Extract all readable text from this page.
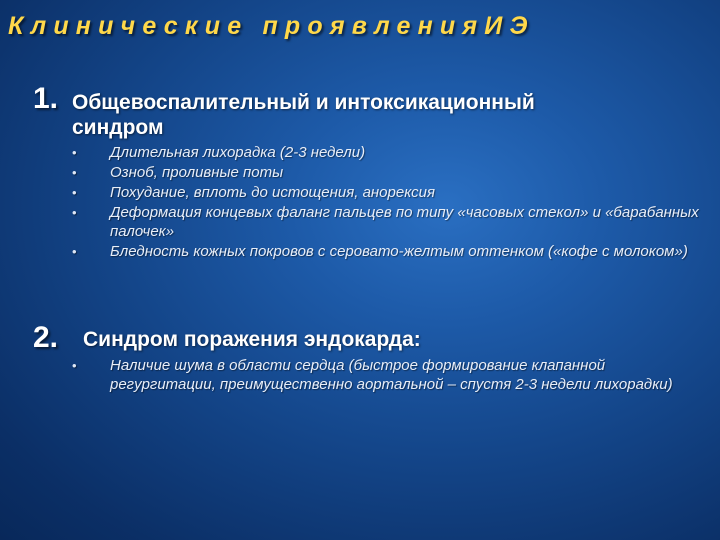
Клинические проявленияИЭ
1. Общевоспалительный и интоксикационный синдром
• Длительная лихорадка (2-3 недели)
• Озноб, проливные поты
• Похудание, вплоть до истощения, анорексия
• Деформация концевых фаланг пальцев по типу «часовых стекол» и «барабанных палочек»
• Бледность кожных покровов с серовато-желтым оттенком («кофе с молоком»)
2. Синдром поражения эндокарда:
• Наличие шума в области сердца (быстрое формирование клапанной регургитации, преимущественно аортальной – спустя 2-3 недели лихорадки)
